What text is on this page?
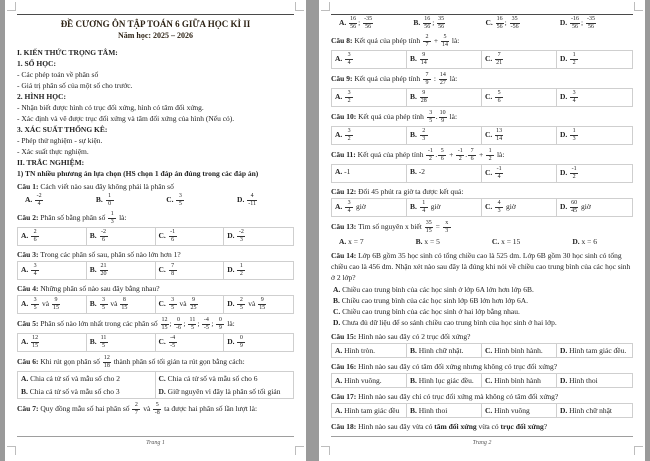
ĐỀ CƯƠNG ÔN TẬP TOÁN 6 GIỮA HỌC KÌ II
Năm học: 2025 – 2026
I. KIẾN THỨC TRỌNG TÂM:
1. SỐ HỌC:
- Các phép toán về phân số
- Giá trị phân số của một số cho trước.
2. HÌNH HỌC:
- Nhận biết được hình có trục đối xứng, hình có tâm đối xứng.
- Xác định và vẽ được trục đối xứng và tâm đối xứng của hình (Nếu có).
3. XÁC SUẤT THỐNG KÊ:
- Phép thử nghiệm - sự kiện.
- Xác suất thực nghiệm.
II. TRẮC NGHIỆM:
1) TN nhiều phương án lựa chọn (HS chọn 1 đáp án đúng trong các đáp án)
Câu 1: Cách viết nào sau đây không phải là phân số
A. $\frac{-2}{4}$	B. $\frac{1}{0}$	C. $\frac{3}{5}$	D. $\frac{4}{-11}$
Câu 2: Phân số bằng phân số $\frac{1}{3}$ là:
A. $\frac{2}{6}$	B. $\frac{-2}{6}$	C. $\frac{-1}{6}$	D. $\frac{-2}{3}$
Câu 3: Trong các phân số sau, phân số nào lớn hơn 1?
A. $\frac{3}{4}$	B. $\frac{21}{20}$	C. $\frac{7}{8}$	D. $\frac{1}{2}$
Câu 4: Những phân số nào sau đây bằng nhau?
A. $\frac{3}{5}$ và $\frac{9}{15}$	B. $\frac{3}{5}$ và $\frac{8}{15}$	C. $\frac{3}{5}$ và $\frac{9}{25}$	D. $\frac{2}{5}$ và $\frac{9}{15}$
Câu 5: Phân số nào lớn nhất trong các phân số $\frac{12}{15}$ ; $\frac{0}{-6}$ ; $\frac{11}{5}$ ; $\frac{-4}{-5}$ ; $\frac{0}{9}$ là:
A. $\frac{12}{15}$	B. $\frac{11}{5}$	C. $\frac{-4}{-5}$	D. $\frac{0}{9}$
Câu 6: Khi rút gọn phân số $\frac{12}{18}$ thành phân số tối giản ta rút gọn bằng cách:
A. Chia cả tử số và mẫu số cho 2	C. Chia cả tử số và mẫu số cho 6
B. Chia cả tử số và mẫu số cho 3	D. Giữ nguyên vì đây là phân số tối giản
Câu 7: Quy đồng mẫu số hai phân số $\frac{2}{7}$ và $\frac{5}{-8}$ ta được hai phân số lần lượt là:
Trang 1
A. $\frac{16}{56}$ ; $\frac{-35}{56}$	B. $\frac{16}{56}$ ; $\frac{35}{56}$	C. $\frac{16}{56}$ ; $\frac{35}{-56}$	D. $\frac{-16}{56}$ ; $\frac{-35}{56}$
Câu 8: Kết quả của phép tính $\frac{2}{7} + \frac{5}{14}$ là:
A. $\frac{3}{4}$	B. $\frac{9}{14}$	C. $\frac{7}{21}$	D. $\frac{1}{2}$
Câu 9: Kết quả của phép tính $\frac{7}{9}$ : $\frac{14}{27}$ là:
A. $\frac{3}{2}$	B. $\frac{9}{28}$	C. $\frac{5}{6}$	D. $\frac{3}{4}$
Câu 10: Kết quả của phép tính $\frac{3}{5}$ . $\frac{10}{9}$ là:
A. $\frac{3}{2}$	B. $\frac{2}{3}$	C. $\frac{13}{14}$	D. $\frac{1}{3}$
Câu 11: Kết quả của phép tính $\frac{-1}{2}$ . $\frac{5}{6} + \frac{-1}{2}$ . $\frac{7}{6} + \frac{1}{2}$ là:
A. -1	B. -2	C. $\frac{-1}{4}$	D. $\frac{-1}{2}$
Câu 12: Đổi 45 phút ra giờ ta được kết quả:
A. $\frac{3}{4}$ giờ	B. $\frac{1}{4}$ giờ	C. $\frac{4}{3}$ giờ	D. $\frac{60}{45}$ giờ
Câu 13: Tìm số nguyên x biết $\frac{35}{15} = \frac{x}{3}$
A. x = 7	B. x = 5	C. x = 15	D. x = 6
Câu 14: Lớp 6B gồm 35 học sinh có tổng chiều cao là 525 dm. Lớp 6B gồm 30 học sinh có tổng chiều cao là 456 dm. Nhận xét nào sau đây là đúng khi nói về chiều cao trung bình của các học sinh ở 2 lớp?
A. Chiều cao trung bình của các học sinh ở lớp 6A lớn hơn lớp 6B.
B. Chiều cao trung bình của các học sinh lớp 6B lớn hơn lớp 6A.
C. Chiều cao trung bình của các học sinh ở hai lớp bằng nhau.
D. Chưa đủ dữ liệu để so sánh chiều cao trung bình của học sinh ở hai lớp.
Câu 15: Hình nào sau đây có 2 trục đối xứng?
A. Hình tròn.	B. Hình chữ nhật.	C. Hình bình hành.	D. Hình tam giác đều.
Câu 16: Hình nào sau đây có tâm đối xứng nhưng không có trục đối xứng?
A. Hình vuông.	B. Hình lục giác đều.	C. Hình bình hành	D. Hình thoi
Câu 17: Hình nào sau đây chỉ có trục đối xứng mà không có tâm đối xứng?
A. Hình tam giác đều	B. Hình thoi	C. Hình vuông	D. Hình chữ nhật
Câu 18: Hình nào sau đây vừa có tâm đối xứng vừa có trục đối xứng?
Trang 2
